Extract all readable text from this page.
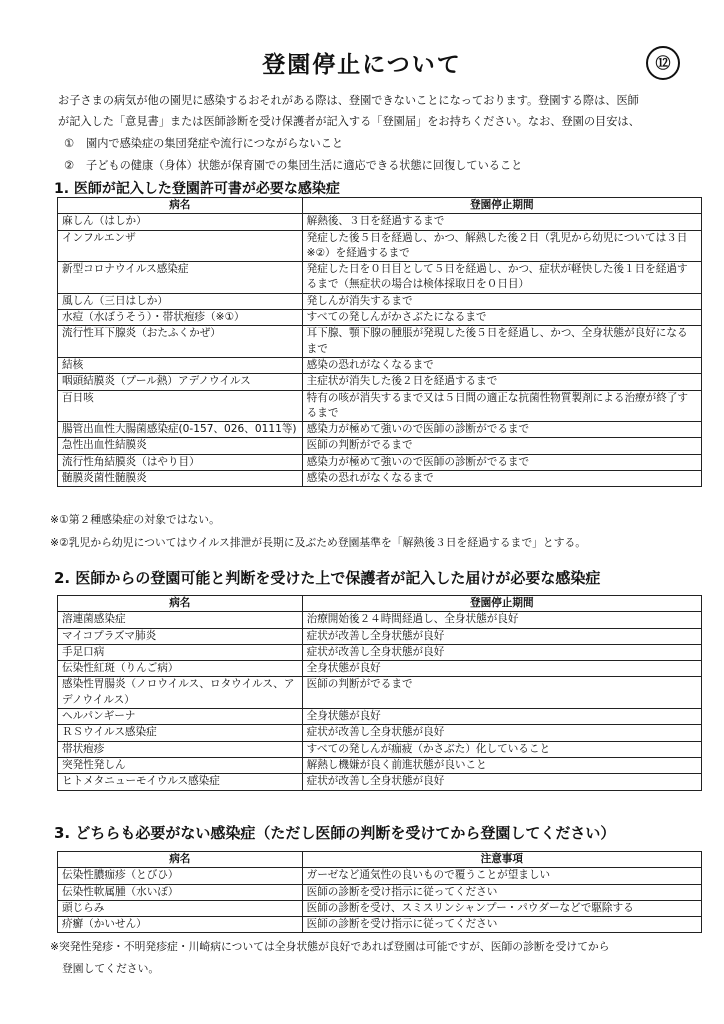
登園停止について	⑫
お子さまの病気が他の園児に感染するおそれがある際は、登園できないことになっております。登園する際は、医師
が記入した「意見書」または医師診断を受け保護者が記入する「登園届」をお持ちください。なお、登園の目安は、
① 園内で感染症の集団発症や流行につながらないこと
② 子どもの健康（身体）状態が保育園での集団生活に適応できる状態に回復していること
1. 医師が記入した登園許可書が必要な感染症
病名	登園停止期間
麻しん（はしか）	解熱後、３日を経過するまで
インフルエンザ	発症した後５日を経過し、かつ、解熱した後２日（乳児から幼児については３日※②）を経過するまで
新型コロナウイルス感染症	発症した日を０日目として５日を経過し、かつ、症状が軽快した後１日を経過するまで（無症状の場合は検体採取日を０日目）
風しん（三日はしか）	発しんが消失するまで
水痘（水ぼうそう）・帯状疱疹（※①）	すべての発しんがかさぶたになるまで
流行性耳下腺炎（おたふくかぜ）	耳下腺、顎下腺の腫脹が発現した後５日を経過し、かつ、全身状態が良好になるまで
結核	感染の恐れがなくなるまで
咽頭結膜炎（プール熱）アデノウイルス	主症状が消失した後２日を経過するまで
百日咳	特有の咳が消失するまで又は５日間の適正な抗菌性物質製剤による治療が終了するまで
腸管出血性大腸菌感染症(0-157、026、0111等)	感染力が極めて強いので医師の診断がでるまで
急性出血性結膜炎	医師の判断がでるまで
流行性角結膜炎（はやり目）	感染力が極めて強いので医師の診断がでるまで
髄膜炎菌性髄膜炎	感染の恐れがなくなるまで
※①第２種感染症の対象ではない。
※②乳児から幼児についてはウイルス排泄が長期に及ぶため登園基準を「解熱後３日を経過するまで」とする。
2. 医師からの登園可能と判断を受けた上で保護者が記入した届けが必要な感染症
病名	登園停止期間
溶連菌感染症	治療開始後２４時間経過し、全身状態が良好
マイコプラズマ肺炎	症状が改善し全身状態が良好
手足口病	症状が改善し全身状態が良好
伝染性紅斑（りんご病）	全身状態が良好
感染性胃腸炎（ノロウイルス、ロタウイルス、アデノウイルス）	医師の判断がでるまで
ヘルパンギーナ	全身状態が良好
ＲＳウイルス感染症	症状が改善し全身状態が良好
帯状疱疹	すべての発しんが痂疲（かさぶた）化していること
突発性発しん	解熱し機嫌が良く前進状態が良いこと
ヒトメタニューモイウルス感染症	症状が改善し全身状態が良好
3. どちらも必要がない感染症（ただし医師の判断を受けてから登園してください）
病名	注意事項
伝染性膿痂疹（とびひ）	ガーゼなど通気性の良いもので覆うことが望ましい
伝染性軟属腫（水いぼ）	医師の診断を受け指示に従ってください
頭じらみ	医師の診断を受け、スミスリンシャンプー・パウダーなどで駆除する
疥癬（かいせん）	医師の診断を受け指示に従ってください
※突発性発疹・不明発疹症・川崎病については全身状態が良好であれば登園は可能ですが、医師の診断を受けてから
登園してください。
